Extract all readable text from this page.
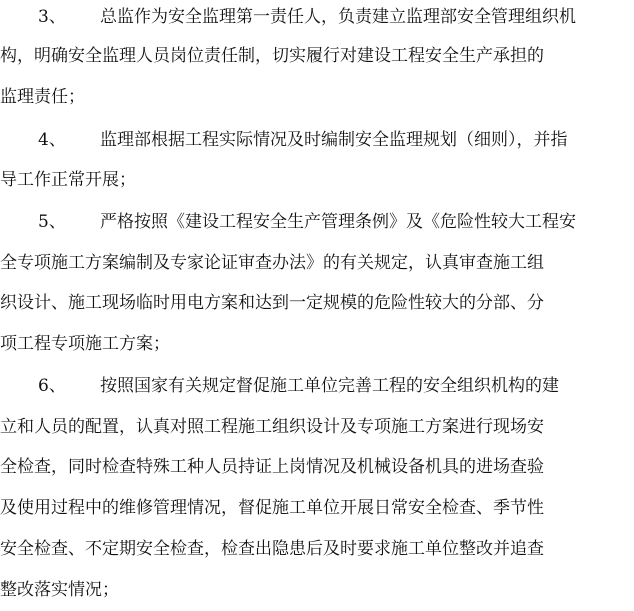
3、 总监作为安全监理第一责任人，负责建立监理部安全管理组织机
构，明确安全监理人员岗位责任制，切实履行对建设工程安全生产承担的
监理责任；
4、 监理部根据工程实际情况及时编制安全监理规划（细则），并指
导工作正常开展；
5、 严格按照《建设工程安全生产管理条例》及《危险性较大工程安
全专项施工方案编制及专家论证审查办法》的有关规定，认真审查施工组
织设计、施工现场临时用电方案和达到一定规模的危险性较大的分部、分
项工程专项施工方案；
6、 按照国家有关规定督促施工单位完善工程的安全组织机构的建
立和人员的配置，认真对照工程施工组织设计及专项施工方案进行现场安
全检查，同时检查特殊工种人员持证上岗情况及机械设备机具的进场查验
及使用过程中的维修管理情况，督促施工单位开展日常安全检查、季节性
安全检查、不定期安全检查，检查出隐患后及时要求施工单位整改并追查
整改落实情况；
